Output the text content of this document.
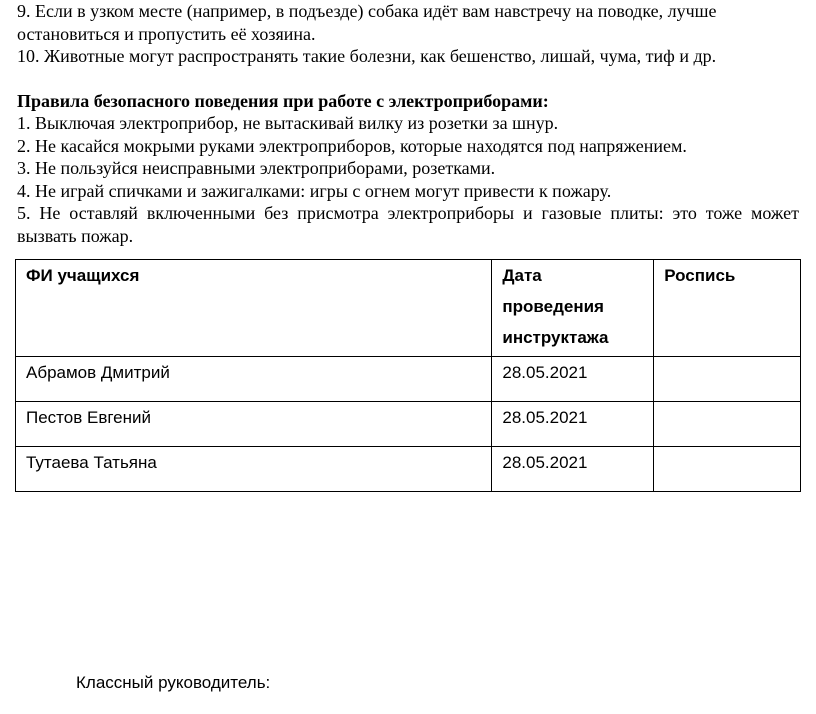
9. Если в узком месте (например, в подъезде) собака идёт вам навстречу на поводке, лучше

остановиться и пропустить её хозяина.

10. Животные могут распространять такие болезни, как бешенство, лишай, чума, тиф и др.

Правила безопасного поведения при работе с электроприборами:

1. Выключая электроприбор, не вытаскивай вилку из розетки за шнур.

2. Не касайся мокрыми руками электроприборов, которые находятся под напряжением.

3. Не пользуйся неисправными электроприборами, розетками.

4. Не играй спичками и зажигалками: игры с огнем могут привести к пожару.

5. Не оставляй включенными без присмотра электроприборы и газовые плиты: это тоже может вызвать пожар.

ФИ учащихся	Дата
проведения
инструктажа	Роспись
Абрамов Дмитрий	28.05.2021	
Пестов Евгений	28.05.2021	
Тутаева Татьяна	28.05.2021	
Классный руководитель:
